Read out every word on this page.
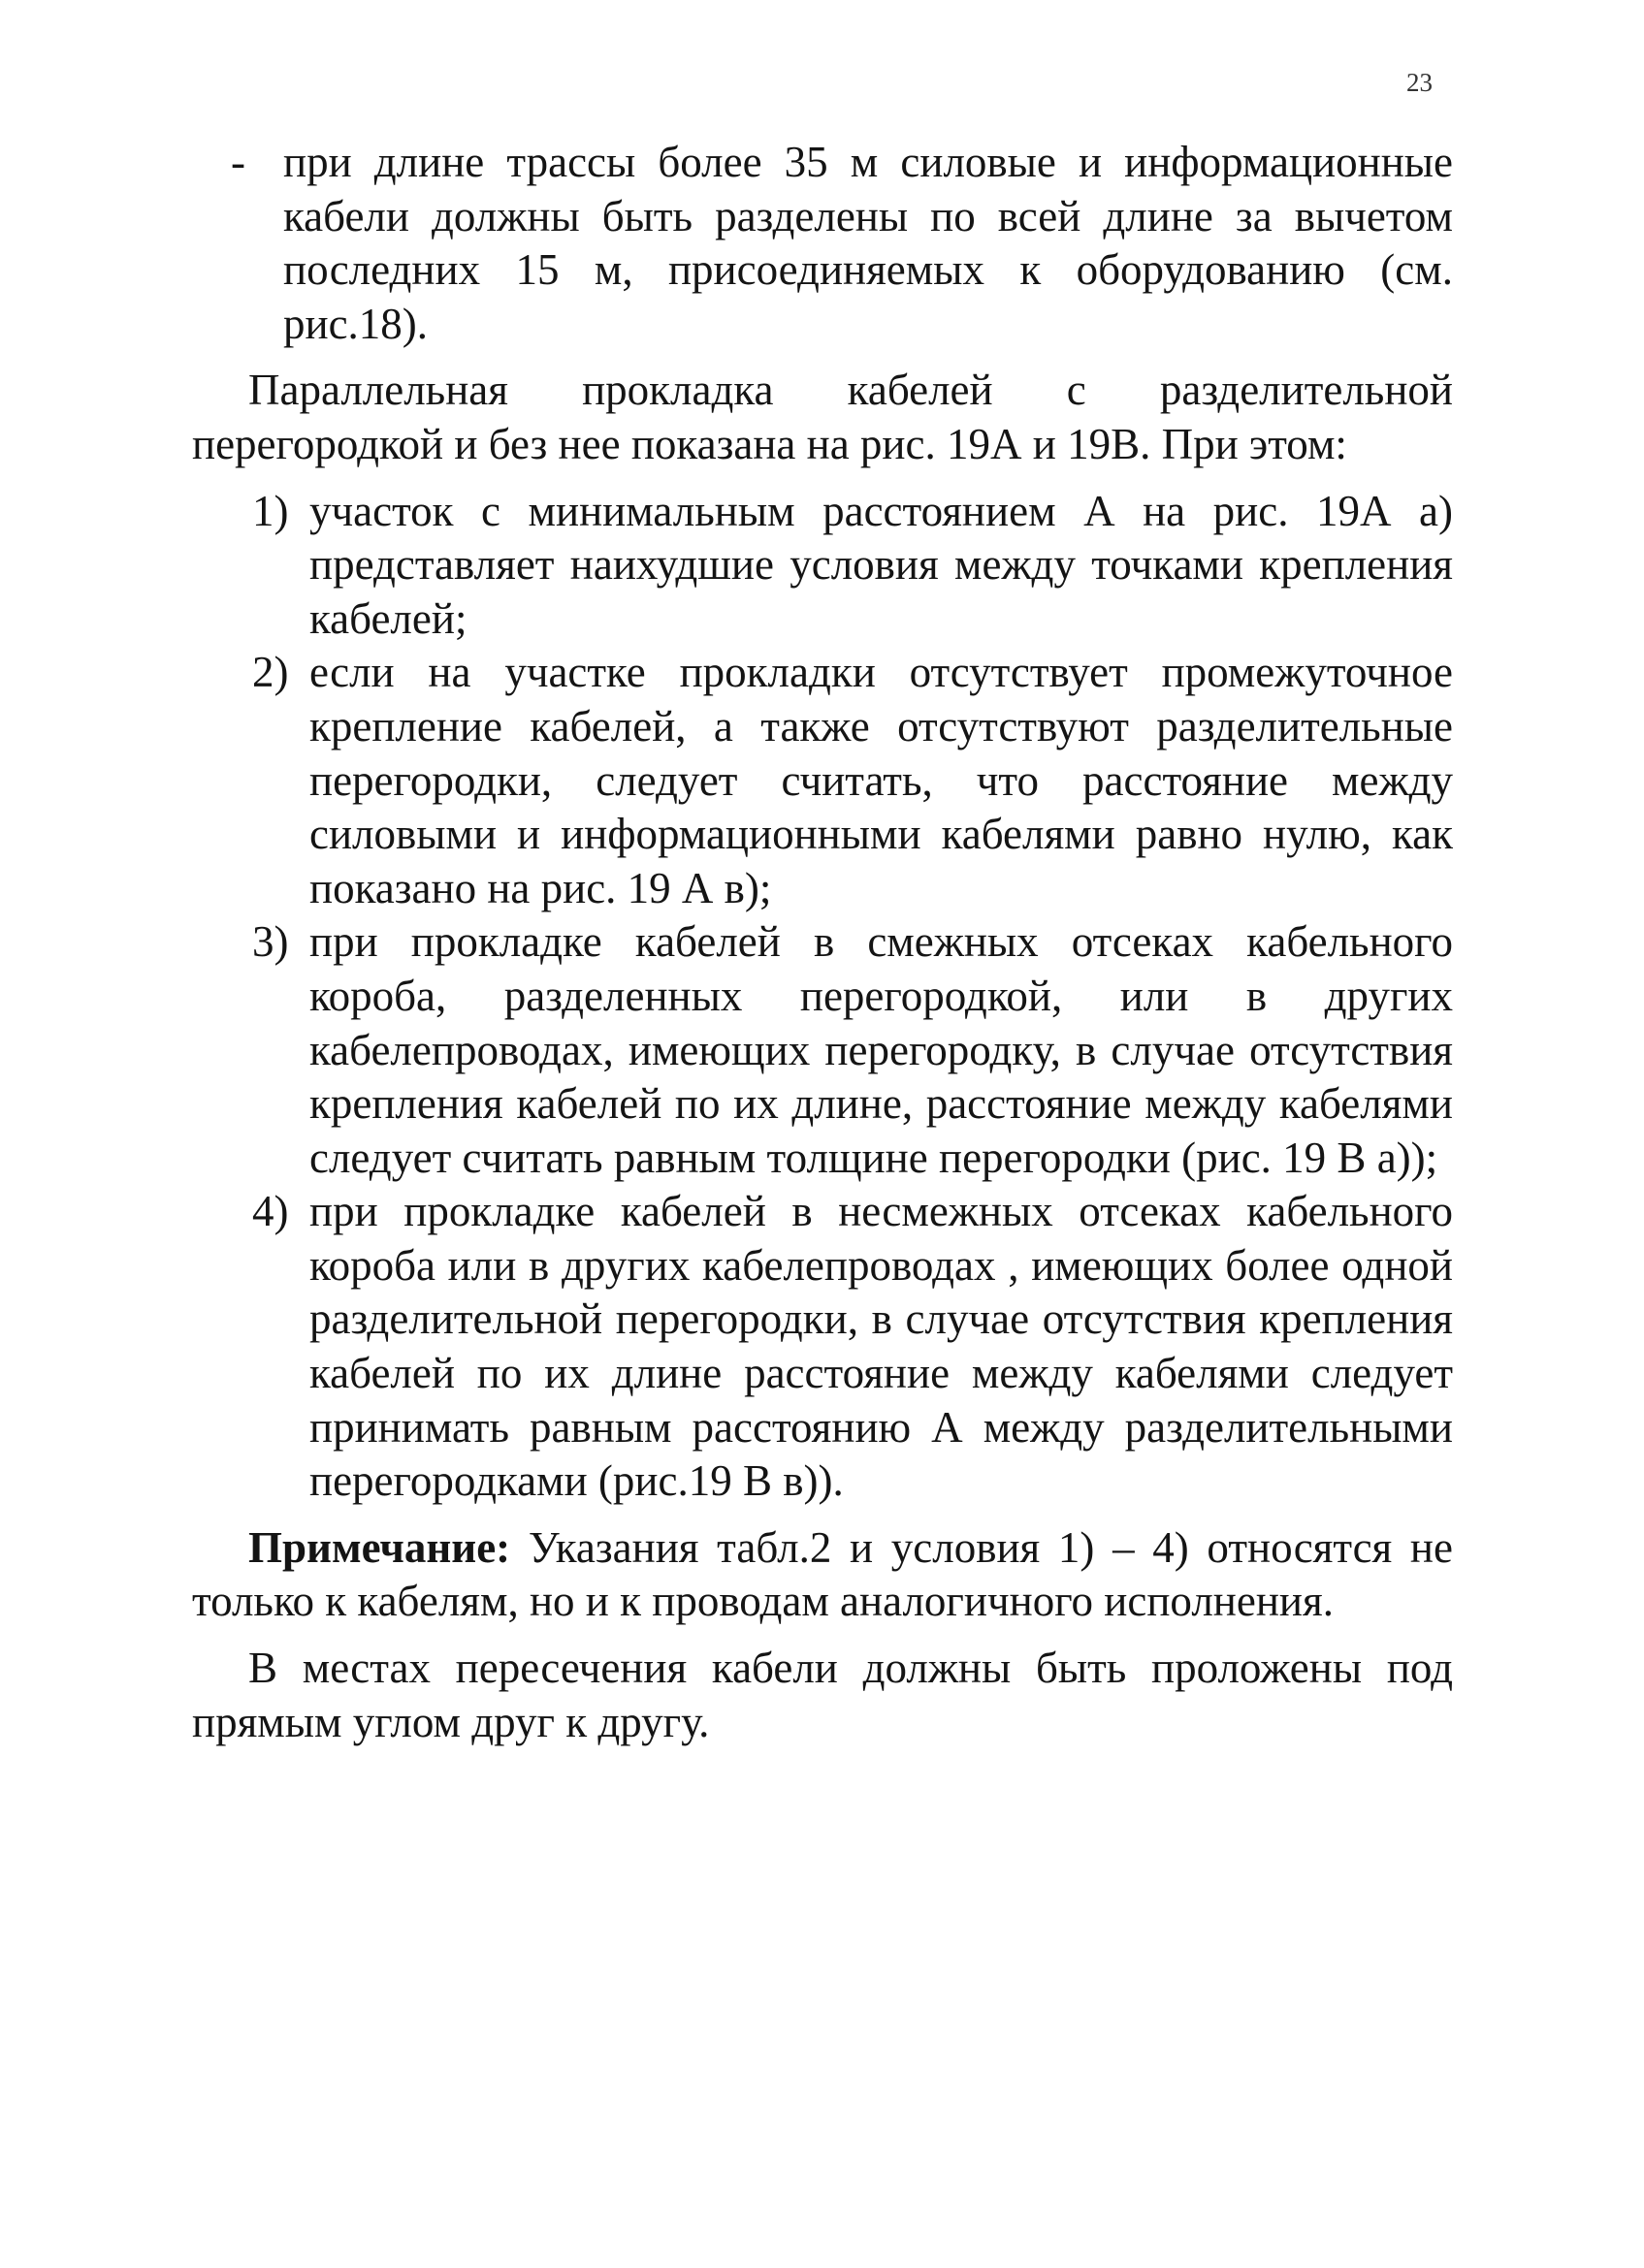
23
- при длине трассы более 35 м силовые и информационные кабели должны быть разделены по всей длине за вычетом последних 15 м, присоединяемых к оборудованию (см. рис.18).

Параллельная прокладка кабелей с разделительной перегородкой и без нее показана на рис. 19А и 19В. При этом:

1) участок с минимальным расстоянием А на рис. 19А а) представляет наихудшие условия между точками крепления кабелей;
2) если на участке прокладки отсутствует промежуточное крепление кабелей, а также отсутствуют разделительные перегородки, следует считать, что расстояние между силовыми и информационными кабелями равно нулю, как показано на рис. 19 А в);
3) при прокладке кабелей в смежных отсеках кабельного короба, разделенных перегородкой, или в других кабелепроводах, имеющих перегородку, в случае отсутствия крепления кабелей по их длине, расстояние между кабелями следует считать равным толщине перегородки (рис. 19 В а));
4) при прокладке кабелей в несмежных отсеках кабельного короба или в других кабелепроводах , имеющих более одной разделительной перегородки, в случае отсутствия крепления кабелей по их длине расстояние между кабелями следует принимать равным расстоянию А между разделительными перегородками (рис.19 В в)).

Примечание: Указания табл.2 и условия 1) – 4) относятся не только к кабелям, но и к проводам аналогичного исполнения.

В местах пересечения кабели должны быть проложены под прямым углом друг к другу.
